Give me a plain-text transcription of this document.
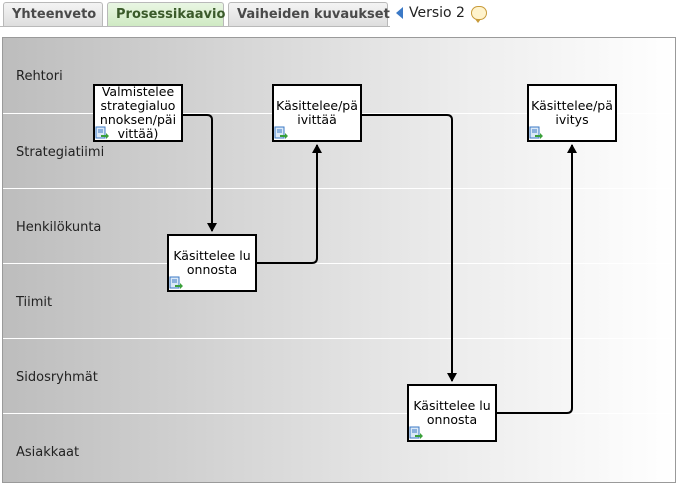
Yhteenveto Prosessikaavio Vaiheiden kuvaukset Versio 2
Rehtori
Strategiatiimi
Henkilökunta
Tiimit
Sidosryhmät
Asiakkaat
Valmistelee strategialuonnoksen/päivittää)
Käsittelee/päivittää
Käsittelee/päivitys
Käsittelee luonnosta
Käsittelee luonnosta
